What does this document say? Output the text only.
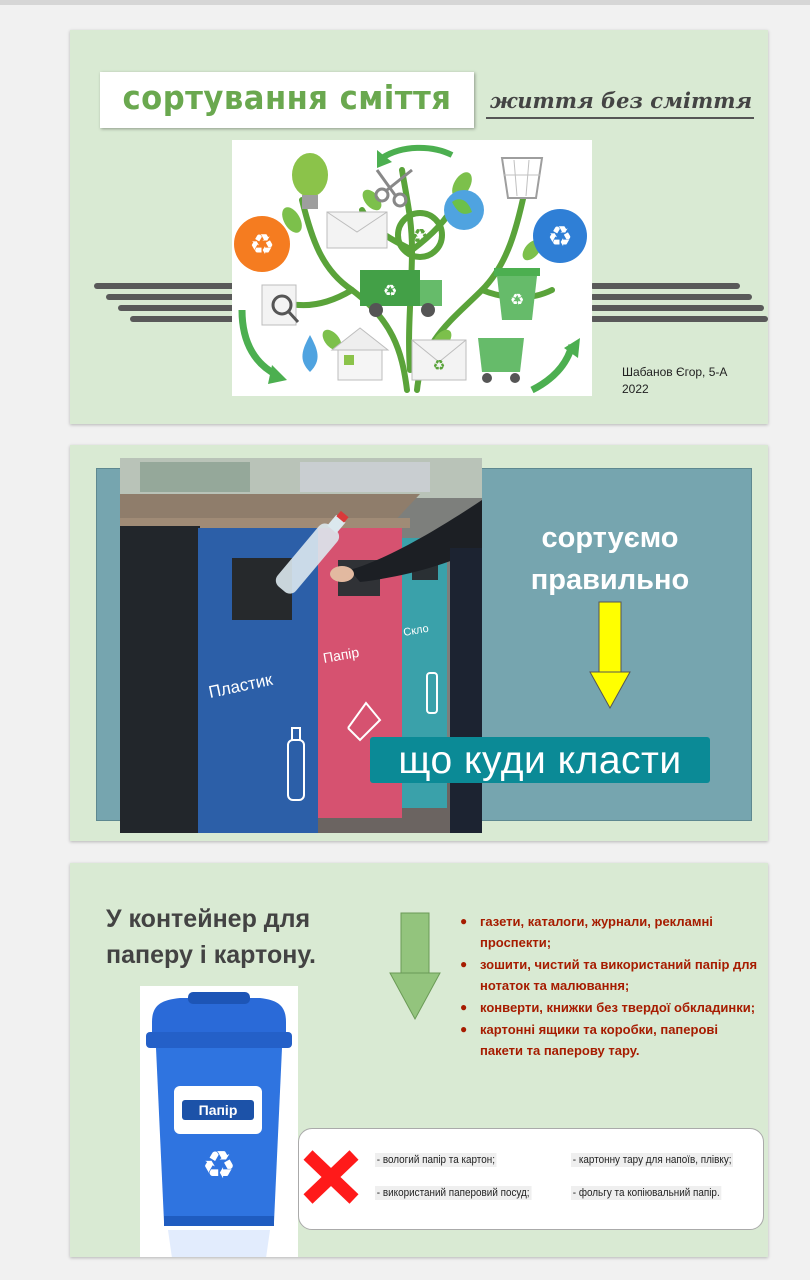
сортування сміття	життя без сміття
♻	♻
♻
♻	♻
♻	Шабанов Єгор, 5-А
2022
Пластик
Папір
Скло
сортуємо
правильно
що куди класти
У контейнер для
паперу і картону.
● газети, каталоги, журнали, рекламні проспекти;
● зошити, чистий та використаний папір для нотаток та малювання;
● конверти, книжки без твердої обкладинки;
● картонні ящики та коробки, паперові пакети та паперову тару.
Папір
♻	- вологий папір та картон;	- картонну тару для напоїв, плівку;
- використаний паперовий посуд;	- фольгу та копіювальний папір.
